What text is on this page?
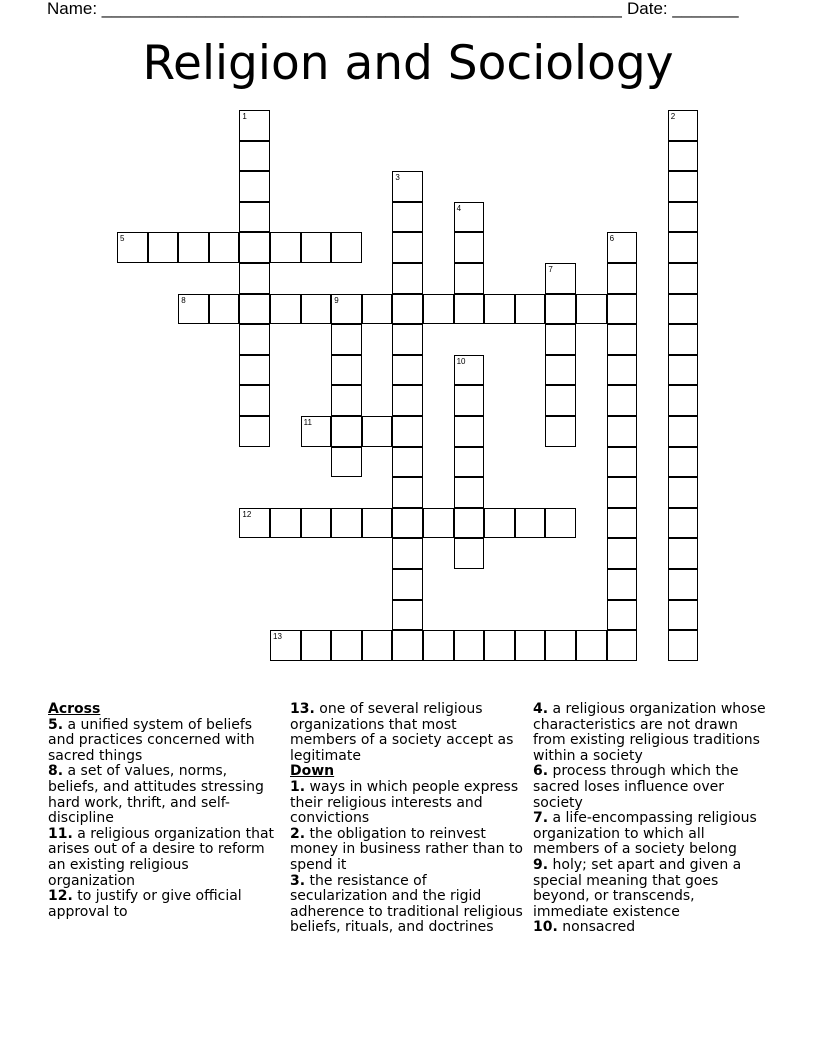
Name: _______________________________________________________ Date: _______
Religion and Sociology
1	2
3
4
5	6
7
8	9
10
11
12
13
Across
5. a unified system of beliefs and practices concerned with sacred things
8. a set of values, norms, beliefs, and attitudes stressing hard work, thrift, and self-discipline
11. a religious organization that arises out of a desire to reform an existing religious organization
12. to justify or give official approval to
13. one of several religious organizations that most members of a society accept as legitimate
Down
1. ways in which people express their religious interests and convictions
2. the obligation to reinvest money in business rather than to spend it
3. the resistance of secularization and the rigid adherence to traditional religious beliefs, rituals, and doctrines
4. a religious organization whose characteristics are not drawn from existing religious traditions within a society
6. process through which the sacred loses influence over society
7. a life-encompassing religious organization to which all members of a society belong
9. holy; set apart and given a special meaning that goes beyond, or transcends, immediate existence
10. nonsacred
